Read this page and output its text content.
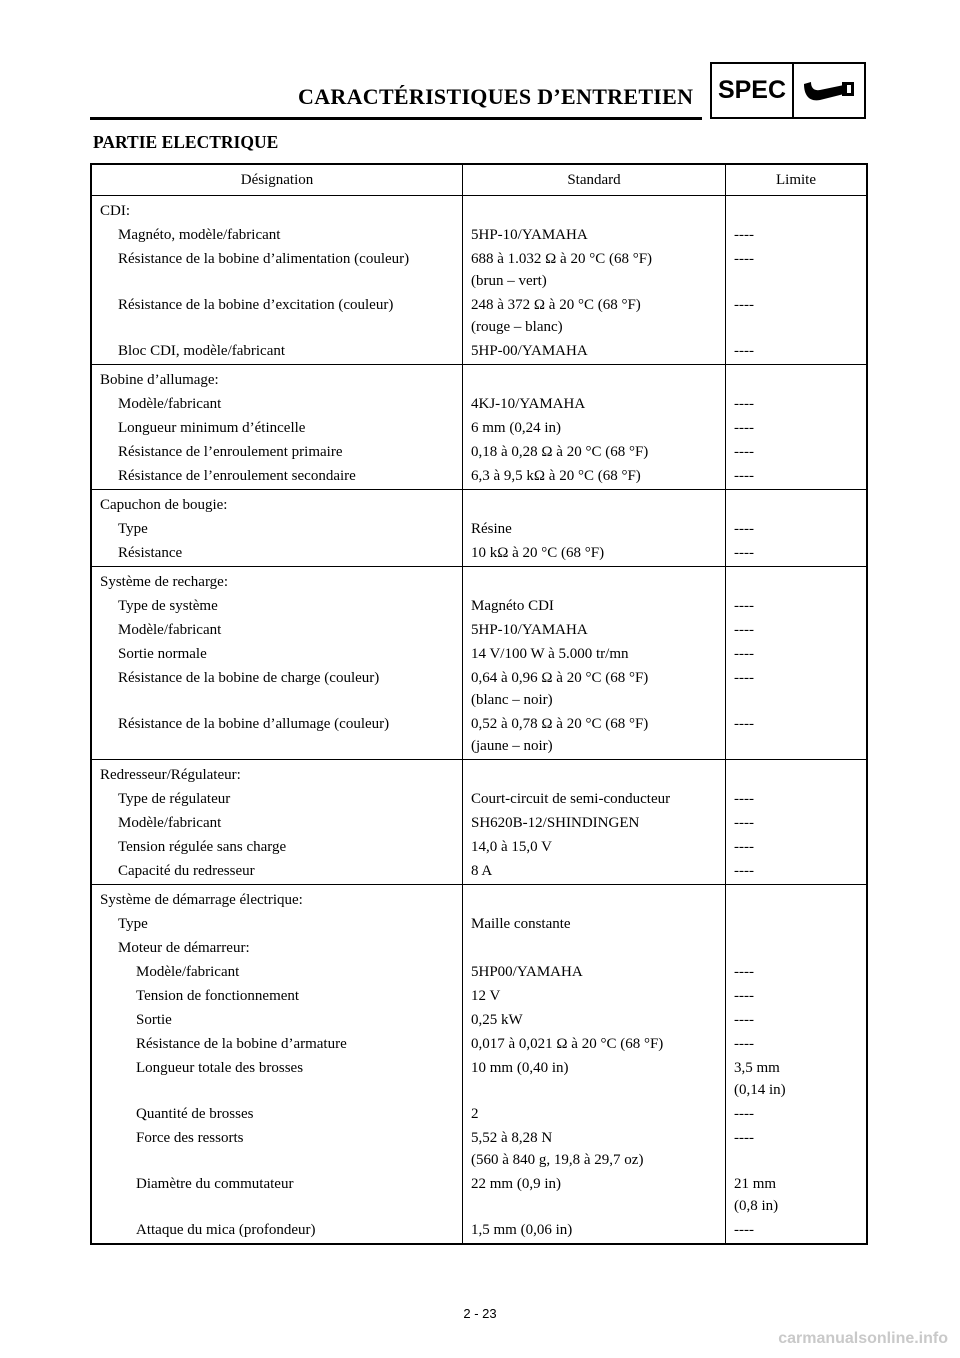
CARACTÉRISTIQUES D’ENTRETIEN SPEC
PARTIE ELECTRIQUE
Désignation	Standard	Limite
CDI:		

Magnéto, modèle/fabricant	5HP-10/YAMAHA	----

Résistance de la bobine d’alimentation (couleur)	688 à 1.032 Ω à 20 °C (68 °F)
(brun – vert)	----

Résistance de la bobine d’excitation (couleur)	248 à 372 Ω à 20 °C (68 °F)
(rouge – blanc)	----

Bloc CDI, modèle/fabricant	5HP-00/YAMAHA	----

Bobine d’allumage:		

Modèle/fabricant	4KJ-10/YAMAHA	----

Longueur minimum d’étincelle	6 mm (0,24 in)	----

Résistance de l’enroulement primaire	0,18 à 0,28 Ω à 20 °C (68 °F)	----

Résistance de l’enroulement secondaire	6,3 à 9,5 kΩ à 20 °C (68 °F)	----

Capuchon de bougie:		

Type	Résine	----

Résistance	10 kΩ à 20 °C (68 °F)	----

Système de recharge:		

Type de système	Magnéto CDI	----

Modèle/fabricant	5HP-10/YAMAHA	----

Sortie normale	14 V/100 W à 5.000 tr/mn	----

Résistance de la bobine de charge (couleur)	0,64 à 0,96 Ω à 20 °C (68 °F)
(blanc – noir)	----

Résistance de la bobine d’allumage (couleur)	0,52 à 0,78 Ω à 20 °C (68 °F)
(jaune – noir)	----

Redresseur/Régulateur:		

Type de régulateur	Court-circuit de semi-conducteur	----

Modèle/fabricant	SH620B-12/SHINDINGEN	----

Tension régulée sans charge	14,0 à 15,0 V	----

Capacité du redresseur	8 A	----

Système de démarrage électrique:		

Type	Maille constante	

Moteur de démarreur:		

Modèle/fabricant	5HP00/YAMAHA	----

Tension de fonctionnement	12 V	----

Sortie	0,25 kW	----

Résistance de la bobine d’armature	0,017 à 0,021 Ω à 20 °C (68 °F)	----

Longueur totale des brosses	10 mm (0,40 in)	3,5 mm
(0,14 in)

Quantité de brosses	2	----

Force des ressorts	5,52 à 8,28 N
(560 à 840 g, 19,8 à 29,7 oz)	----

Diamètre du commutateur	22 mm (0,9 in)	21 mm
(0,8 in)

Attaque du mica (profondeur)	1,5 mm (0,06 in)	----
2 - 23
carmanualsonline.info
